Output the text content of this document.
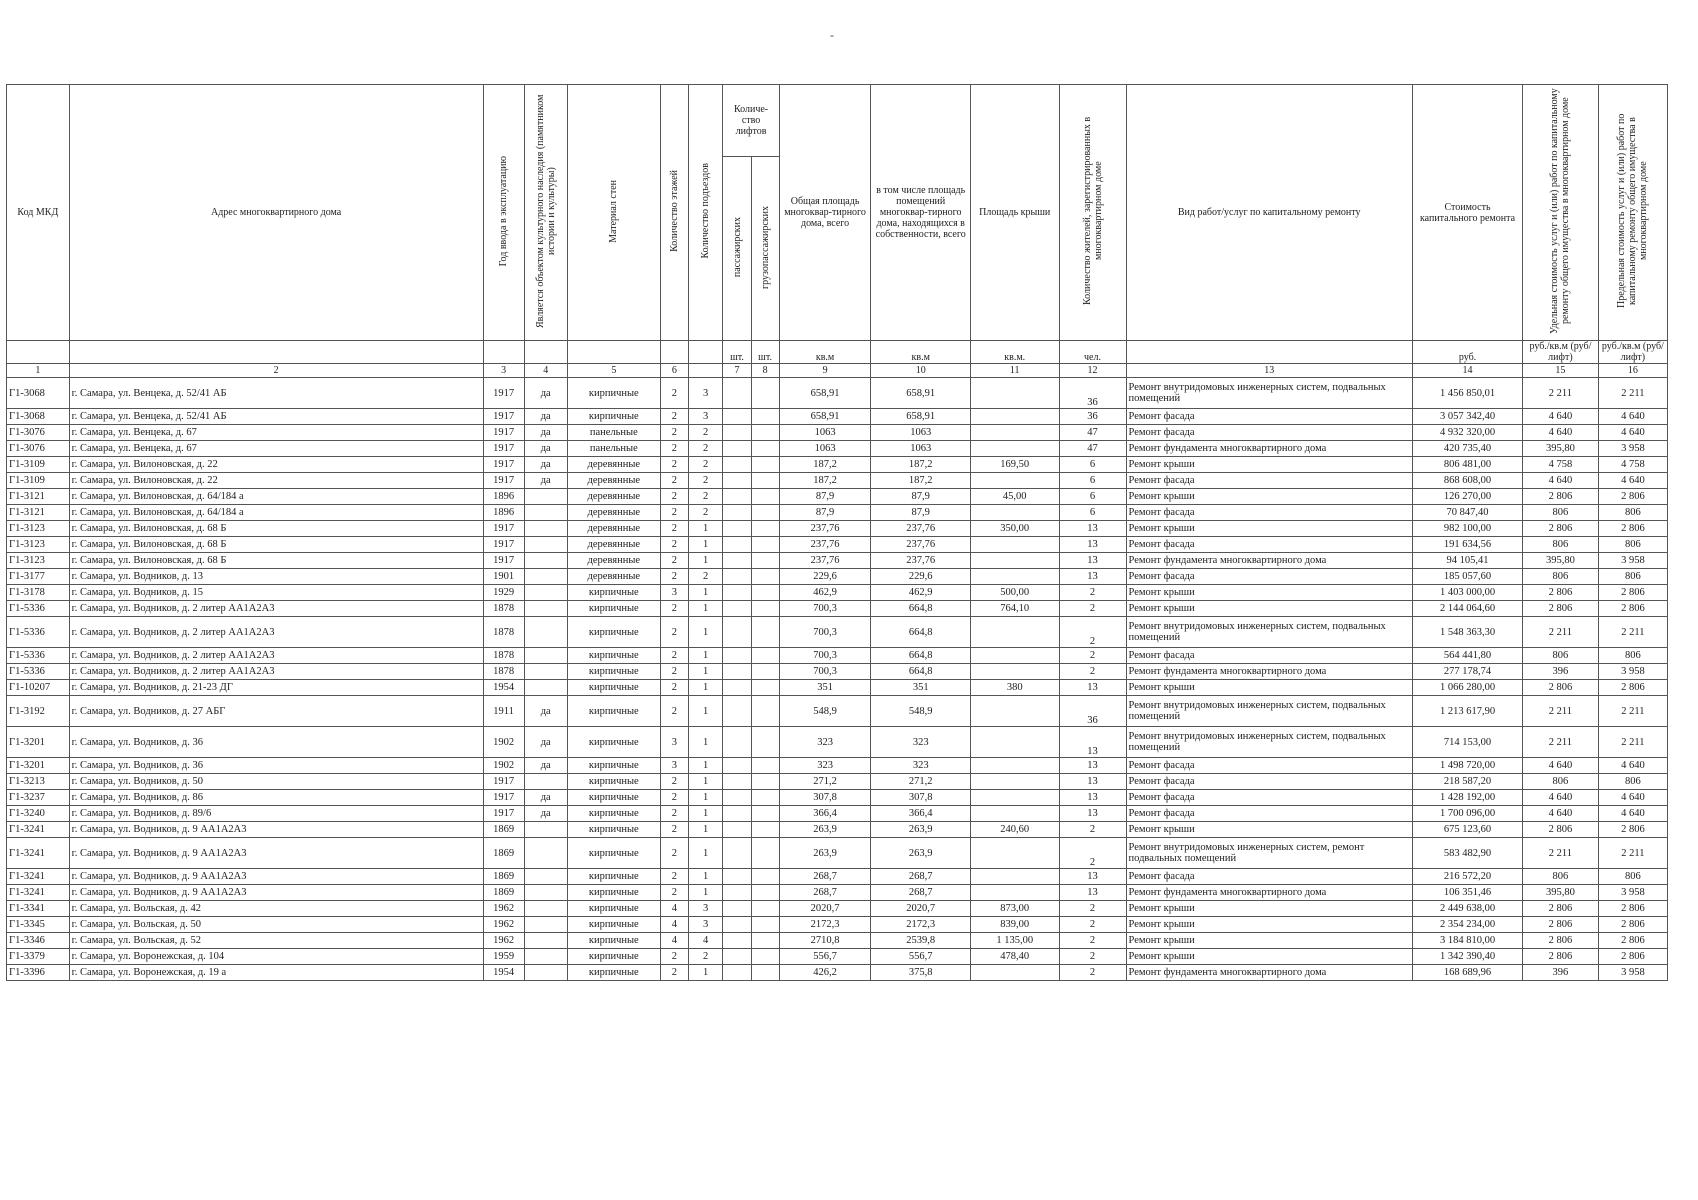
-
Код МКД	Адрес многоквартирного дома	Год ввода в эксплуатацию	Является объектом культурного наследия (памятником истории и культуры)	Материал стен	Количество этажей	Количество подъездов	Количе-ство лифтов		Общая площадь многоквар-тирного дома, всего	в том числе площадь помещений многоквар-тирного дома, находящихся в собственности, всего	Площадь крыши	Количество жителей, зарегистрированных в многоквартирном доме	Вид работ/услуг по капитальному ремонту	Стоимость капитального ремонта	Удельная стоимость услуг и (или) работ по капитальному ремонту общего имущества в многоквартирном доме	Предельная стоимость услуг и (или) работ по капитальному ремонту общего имущества в многоквартирном доме
							пассажирских	грузопассажирских								
							шт.	шт.	кв.м	кв.м	кв.м.	чел.		руб.	руб./кв.м (руб/лифт)	руб./кв.м (руб/лифт)
1	2	3	4	5	6		7	8	9	10	11	12	13	14	15	16
Г1-3068	г. Самара, ул. Венцека, д. 52/41 АБ	1917	да	кирпичные	2	3			658,91	658,91		36	Ремонт внутридомовых инженерных систем, подвальных помещений	1 456 850,01	2 211	2 211
Г1-3068	г. Самара, ул. Венцека, д. 52/41 АБ	1917	да	кирпичные	2	3			658,91	658,91		36	Ремонт фасада	3 057 342,40	4 640	4 640
Г1-3076	г. Самара, ул. Венцека, д. 67	1917	да	панельные	2	2			1063	1063		47	Ремонт фасада	4 932 320,00	4 640	4 640
Г1-3076	г. Самара, ул. Венцека, д. 67	1917	да	панельные	2	2			1063	1063		47	Ремонт фундамента многоквартирного дома	420 735,40	395,80	3 958
Г1-3109	г. Самара, ул. Вилоновская, д. 22	1917	да	деревянные	2	2			187,2	187,2	169,50	6	Ремонт крыши	806 481,00	4 758	4 758
Г1-3109	г. Самара, ул. Вилоновская, д. 22	1917	да	деревянные	2	2			187,2	187,2		6	Ремонт фасада	868 608,00	4 640	4 640
Г1-3121	г. Самара, ул. Вилоновская, д. 64/184 а	1896		деревянные	2	2			87,9	87,9	45,00	6	Ремонт крыши	126 270,00	2 806	2 806
Г1-3121	г. Самара, ул. Вилоновская, д. 64/184 а	1896		деревянные	2	2			87,9	87,9		6	Ремонт фасада	70 847,40	806	806
Г1-3123	г. Самара, ул. Вилоновская, д. 68 Б	1917		деревянные	2	1			237,76	237,76	350,00	13	Ремонт крыши	982 100,00	2 806	2 806
Г1-3123	г. Самара, ул. Вилоновская, д. 68 Б	1917		деревянные	2	1			237,76	237,76		13	Ремонт фасада	191 634,56	806	806
Г1-3123	г. Самара, ул. Вилоновская, д. 68 Б	1917		деревянные	2	1			237,76	237,76		13	Ремонт фундамента многоквартирного дома	94 105,41	395,80	3 958
Г1-3177	г. Самара, ул. Водников, д. 13	1901		деревянные	2	2			229,6	229,6		13	Ремонт фасада	185 057,60	806	806
Г1-3178	г. Самара, ул. Водников, д. 15	1929		кирпичные	3	1			462,9	462,9	500,00	2	Ремонт крыши	1 403 000,00	2 806	2 806
Г1-5336	г. Самара, ул. Водников, д. 2 литер АА1А2А3	1878		кирпичные	2	1			700,3	664,8	764,10	2	Ремонт крыши	2 144 064,60	2 806	2 806
Г1-5336	г. Самара, ул. Водников, д. 2 литер АА1А2А3	1878		кирпичные	2	1			700,3	664,8		2	Ремонт внутридомовых инженерных систем, подвальных помещений	1 548 363,30	2 211	2 211
Г1-5336	г. Самара, ул. Водников, д. 2 литер АА1А2А3	1878		кирпичные	2	1			700,3	664,8		2	Ремонт фасада	564 441,80	806	806
Г1-5336	г. Самара, ул. Водников, д. 2 литер АА1А2А3	1878		кирпичные	2	1			700,3	664,8		2	Ремонт фундамента многоквартирного дома	277 178,74	396	3 958
Г1-10207	г. Самара, ул. Водников, д. 21-23 ДГ	1954		кирпичные	2	1			351	351	380	13	Ремонт крыши	1 066 280,00	2 806	2 806
Г1-3192	г. Самара, ул. Водников, д. 27 АБГ	1911	да	кирпичные	2	1			548,9	548,9		36	Ремонт внутридомовых инженерных систем, подвальных помещений	1 213 617,90	2 211	2 211
Г1-3201	г. Самара, ул. Водников, д. 36	1902	да	кирпичные	3	1			323	323		13	Ремонт внутридомовых инженерных систем, подвальных помещений	714 153,00	2 211	2 211
Г1-3201	г. Самара, ул. Водников, д. 36	1902	да	кирпичные	3	1			323	323		13	Ремонт фасада	1 498 720,00	4 640	4 640
Г1-3213	г. Самара, ул. Водников, д. 50	1917		кирпичные	2	1			271,2	271,2		13	Ремонт фасада	218 587,20	806	806
Г1-3237	г. Самара, ул. Водников, д. 86	1917	да	кирпичные	2	1			307,8	307,8		13	Ремонт фасада	1 428 192,00	4 640	4 640
Г1-3240	г. Самара, ул. Водников, д. 89/6	1917	да	кирпичные	2	1			366,4	366,4		13	Ремонт фасада	1 700 096,00	4 640	4 640
Г1-3241	г. Самара, ул. Водников, д. 9 АА1А2А3	1869		кирпичные	2	1			263,9	263,9	240,60	2	Ремонт крыши	675 123,60	2 806	2 806
Г1-3241	г. Самара, ул. Водников, д. 9 АА1А2А3	1869		кирпичные	2	1			263,9	263,9		2	Ремонт внутридомовых инженерных систем, ремонт подвальных помещений	583 482,90	2 211	2 211
Г1-3241	г. Самара, ул. Водников, д. 9 АА1А2А3	1869		кирпичные	2	1			268,7	268,7		13	Ремонт фасада	216 572,20	806	806
Г1-3241	г. Самара, ул. Водников, д. 9 АА1А2А3	1869		кирпичные	2	1			268,7	268,7		13	Ремонт фундамента многоквартирного дома	106 351,46	395,80	3 958
Г1-3341	г. Самара, ул. Вольская, д. 42	1962		кирпичные	4	3			2020,7	2020,7	873,00	2	Ремонт крыши	2 449 638,00	2 806	2 806
Г1-3345	г. Самара, ул. Вольская, д. 50	1962		кирпичные	4	3			2172,3	2172,3	839,00	2	Ремонт крыши	2 354 234,00	2 806	2 806
Г1-3346	г. Самара, ул. Вольская, д. 52	1962		кирпичные	4	4			2710,8	2539,8	1 135,00	2	Ремонт крыши	3 184 810,00	2 806	2 806
Г1-3379	г. Самара, ул. Воронежская, д. 104	1959		кирпичные	2	2			556,7	556,7	478,40	2	Ремонт крыши	1 342 390,40	2 806	2 806
Г1-3396	г. Самара, ул. Воронежская, д. 19 а	1954		кирпичные	2	1			426,2	375,8		2	Ремонт фундамента многоквартирного дома	168 689,96	396	3 958
